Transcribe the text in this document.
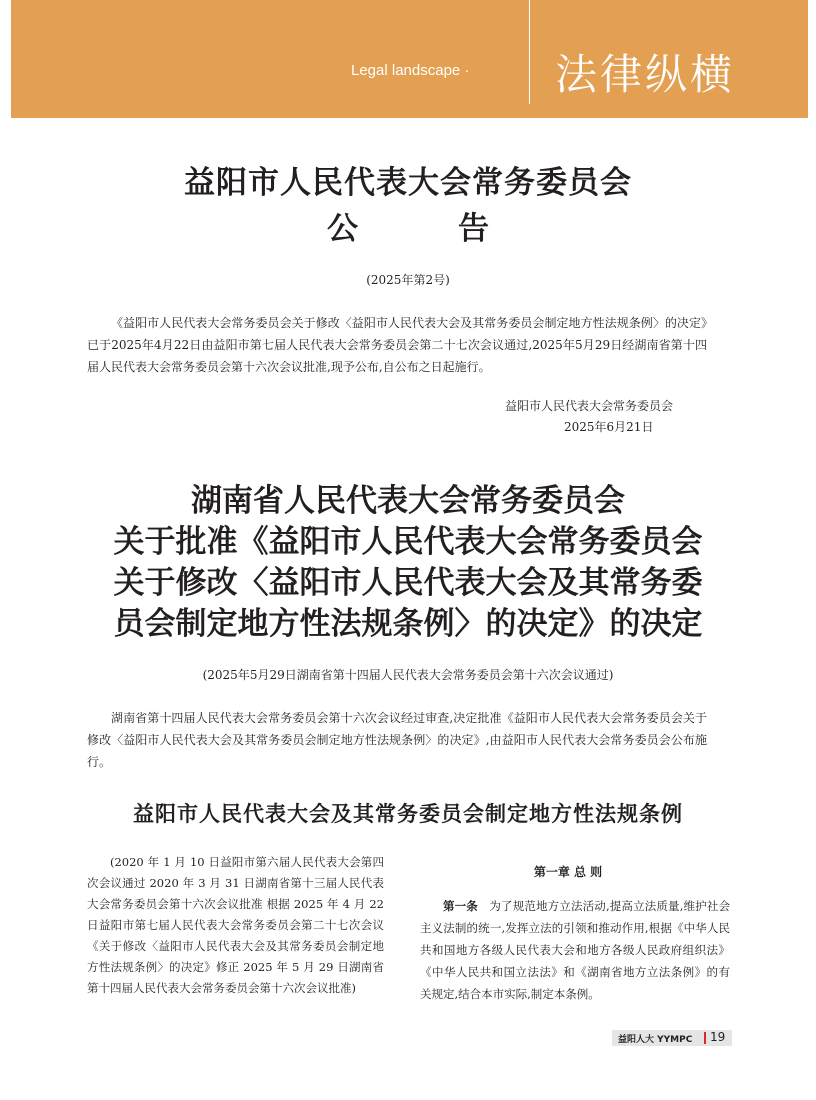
Legal landscape ·	法律纵横
益阳市人民代表大会常务委员会
公告
(2025年第2号)
《益阳市人民代表大会常务委员会关于修改〈益阳市人民代表大会及其常务委员会制定地方性法规条例〉的决定》已于2025年4月22日由益阳市第七届人民代表大会常务委员会第二十七次会议通过,2025年5月29日经湖南省第十四届人民代表大会常务委员会第十六次会议批准,现予公布,自公布之日起施行。
益阳市人民代表大会常务委员会
2025年6月21日
湖南省人民代表大会常务委员会
关于批准《益阳市人民代表大会常务委员会
关于修改〈益阳市人民代表大会及其常务委
员会制定地方性法规条例〉的决定》的决定
(2025年5月29日湖南省第十四届人民代表大会常务委员会第十六次会议通过)
湖南省第十四届人民代表大会常务委员会第十六次会议经过审查,决定批准《益阳市人民代表大会常务委员会关于修改〈益阳市人民代表大会及其常务委员会制定地方性法规条例〉的决定》,由益阳市人民代表大会常务委员会公布施行。
益阳市人民代表大会及其常务委员会制定地方性法规条例
(2020 年 1 月 10 日益阳市第六届人民代表大会第四次会议通过 2020 年 3 月 31 日湖南省第十三届人民代表大会常务委员会第十六次会议批准 根据 2025 年 4 月 22 日益阳市第七届人民代表大会常务委员会第二十七次会议《关于修改〈益阳市人民代表大会及其常务委员会制定地方性法规条例〉的决定》修正 2025 年 5 月 29 日湖南省第十四届人民代表大会常务委员会第十六次会议批准)
第一章 总 则
第一条 为了规范地方立法活动,提高立法质量,维护社会主义法制的统一,发挥立法的引领和推动作用,根据《中华人民共和国地方各级人民代表大会和地方各级人民政府组织法》《中华人民共和国立法法》和《湖南省地方立法条例》的有关规定,结合本市实际,制定本条例。
益阳人大 YYMPC 19
